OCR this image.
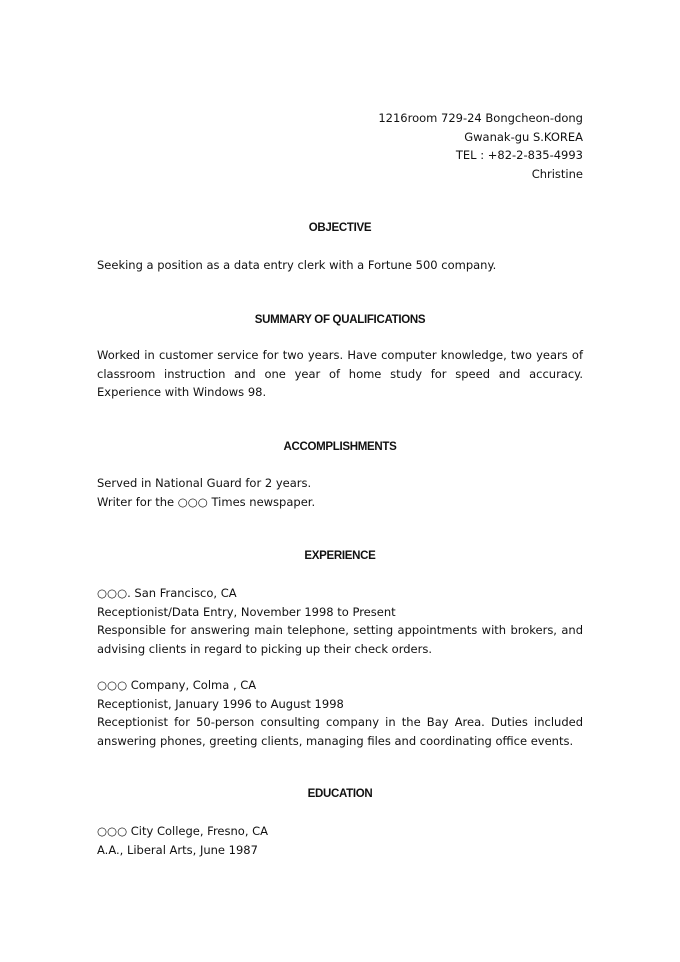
1216room 729-24 Bongcheon-dong
Gwanak-gu S.KOREA
TEL : +82-2-835-4993
Christine
OBJECTIVE

Seeking a position as a data entry clerk with a Fortune 500 company.

SUMMARY OF QUALIFICATIONS

Worked in customer service for two years. Have computer knowledge, two years of classroom instruction and one year of home study for speed and accuracy. Experience with Windows 98.

ACCOMPLISHMENTS

Served in National Guard for 2 years.

Writer for the ○○○ Times newspaper.

EXPERIENCE

○○○. San Francisco, CA

Receptionist/Data Entry, November 1998 to Present

Responsible for answering main telephone, setting appointments with brokers, and advising clients in regard to picking up their check orders.

○○○ Company, Colma , CA

Receptionist, January 1996 to August 1998

Receptionist for 50-person consulting company in the Bay Area. Duties included answering phones, greeting clients, managing files and coordinating office events.

EDUCATION

○○○ City College, Fresno, CA

A.A., Liberal Arts, June 1987
